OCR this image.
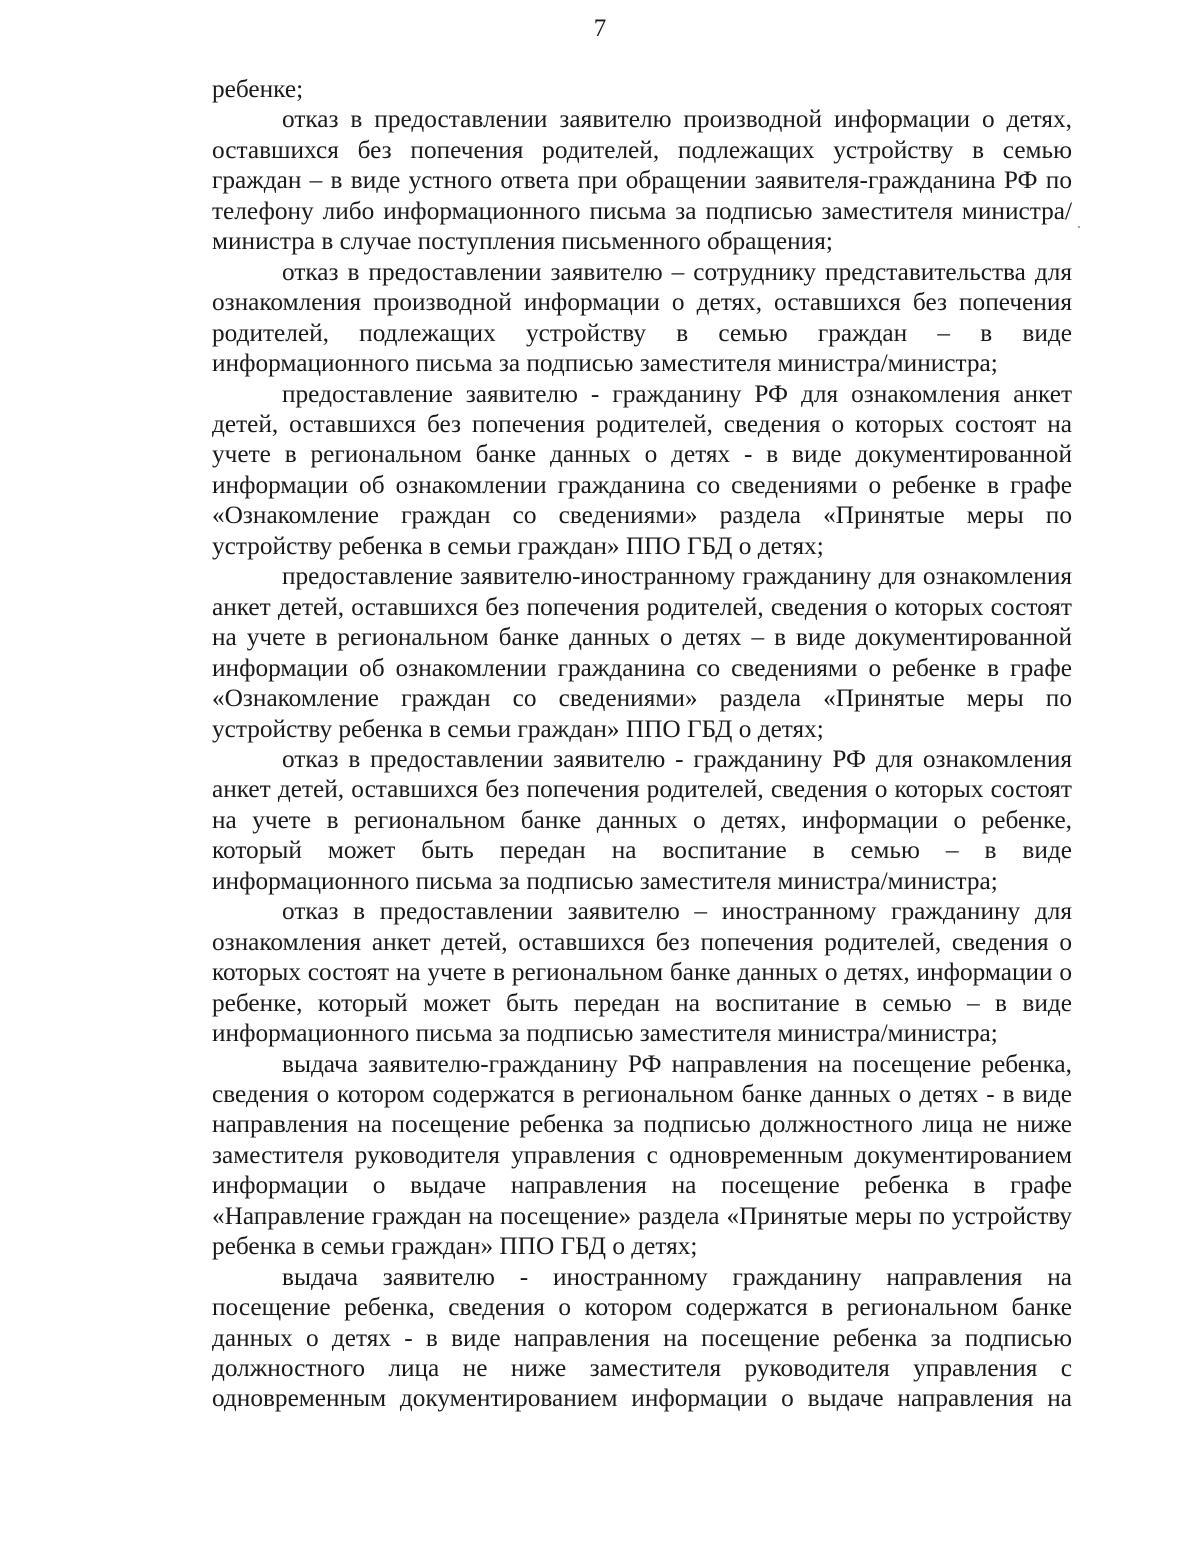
7

ребенке;

отказ в предоставлении заявителю производной информации о детях, оставшихся без попечения родителей, подлежащих устройству в семью граждан – в виде устного ответа при обращении заявителя-гражданина РФ по телефону либо информационного письма за подписью заместителя министра/министра в случае поступления письменного обращения;

отказ в предоставлении заявителю – сотруднику представительства для ознакомления производной информации о детях, оставшихся без попечения родителей, подлежащих устройству в семью граждан – в виде информационного письма за подписью заместителя министра/министра;

предоставление заявителю - гражданину РФ для ознакомления анкет детей, оставшихся без попечения родителей, сведения о которых состоят на учете в региональном банке данных о детях - в виде документированной информации об ознакомлении гражданина со сведениями о ребенке в графе «Ознакомление граждан со сведениями» раздела «Принятые меры по устройству ребенка в семьи граждан» ППО ГБД о детях;

предоставление заявителю-иностранному гражданину для ознакомления анкет детей, оставшихся без попечения родителей, сведения о которых состоят на учете в региональном банке данных о детях – в виде документированной информации об ознакомлении гражданина со сведениями о ребенке в графе «Ознакомление граждан со сведениями» раздела «Принятые меры по устройству ребенка в семьи граждан» ППО ГБД о детях;

отказ в предоставлении заявителю - гражданину РФ для ознакомления анкет детей, оставшихся без попечения родителей, сведения о которых состоят на учете в региональном банке данных о детях, информации о ребенке, который может быть передан на воспитание в семью – в виде информационного письма за подписью заместителя министра/министра;

отказ в предоставлении заявителю – иностранному гражданину для ознакомления анкет детей, оставшихся без попечения родителей, сведения о которых состоят на учете в региональном банке данных о детях, информации о ребенке, который может быть передан на воспитание в семью – в виде информационного письма за подписью заместителя министра/министра;

выдача заявителю-гражданину РФ направления на посещение ребенка, сведения о котором содержатся в региональном банке данных о детях - в виде направления на посещение ребенка за подписью должностного лица не ниже заместителя руководителя управления с одновременным документированием информации о выдаче направления на посещение ребенка в графе «Направление граждан на посещение» раздела «Принятые меры по устройству ребенка в семьи граждан» ППО ГБД о детях;

выдача заявителю - иностранному гражданину направления на посещение ребенка, сведения о котором содержатся в региональном банке данных о детях - в виде направления на посещение ребенка за подписью должностного лица не ниже заместителя руководителя управления с одновременным документированием информации о выдаче направления на
